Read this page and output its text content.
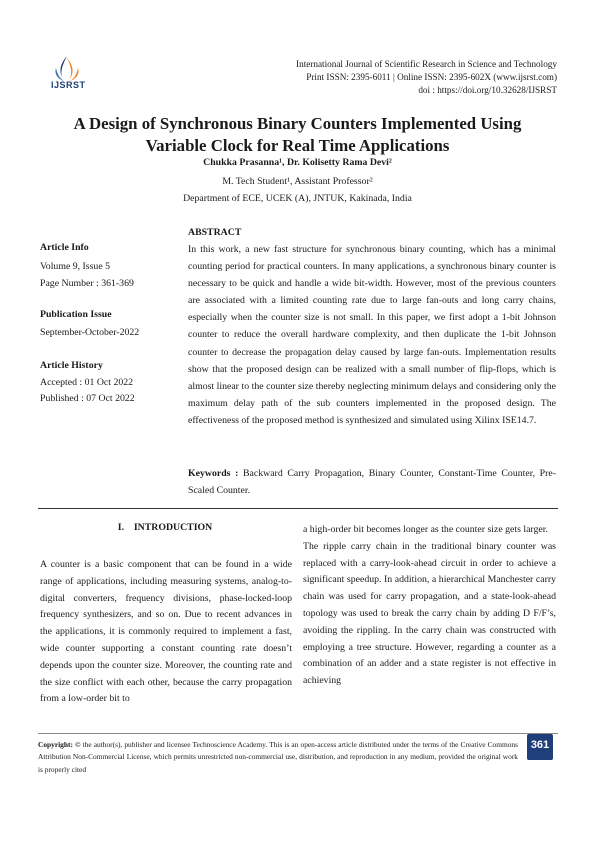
IJSRST
International Journal of Scientific Research in Science and Technology
Print ISSN: 2395-6011 | Online ISSN: 2395-602X (www.ijsrst.com)
doi : https://doi.org/10.32628/IJSRST
A Design of Synchronous Binary Counters Implemented Using
Variable Clock for Real Time Applications
Chukka Prasanna¹, Dr. Kolisetty Rama Devi²
M. Tech Student¹, Assistant Professor²
Department of ECE, UCEK (A), JNTUK, Kakinada, India
Article Info
Volume 9, Issue 5
Page Number : 361-369
Publication Issue
September-October-2022
Article History
Accepted : 01 Oct 2022
Published : 07 Oct 2022
ABSTRACT
In this work, a new fast structure for synchronous binary counting, which has a minimal counting period for practical counters. In many applications, a synchronous binary counter is necessary to be quick and handle a wide bit-width. However, most of the previous counters are associated with a limited counting rate due to large fan-outs and long carry chains, especially when the counter size is not small. In this paper, we first adopt a 1-bit Johnson counter to reduce the overall hardware complexity, and then duplicate the 1-bit Johnson counter to decrease the propagation delay caused by large fan-outs. Implementation results show that the proposed design can be realized with a small number of flip-flops, which is almost linear to the counter size thereby neglecting minimum delays and considering only the maximum delay path of the sub counters implemented in the proposed design. The effectiveness of the proposed method is synthesized and simulated using Xilinx ISE14.7.
Keywords : Backward Carry Propagation, Binary Counter, Constant-Time Counter, Pre-Scaled Counter.
I. INTRODUCTION

A counter is a basic component that can be found in a wide range of applications, including measuring systems, analog-to-digital converters, frequency divisions, phase-locked-loop frequency synthesizers, and so on. Due to recent advances in the applications, it is commonly required to implement a fast, wide counter supporting a constant counting rate doesn’t depends upon the counter size. Moreover, the counting rate and the size conflict with each other, because the carry propagation from a low-order bit to

a high-order bit becomes longer as the counter size gets larger.

The ripple carry chain in the traditional binary counter was replaced with a carry-look-ahead circuit in order to achieve a significant speedup. In addition, a hierarchical Manchester carry chain was used for carry propagation, and a state-look-ahead topology was used to break the carry chain by adding D F/F’s, avoiding the rippling. In the carry chain was constructed with employing a tree structure. However, regarding a counter as a combination of an adder and a state register is not effective in achieving

Copyright: © the author(s), publisher and licensee Technoscience Academy. This is an open-access article distributed under the terms of the Creative Commons Attribution Non-Commercial License, which permits unrestricted non-commercial use, distribution, and reproduction in any medium, provided the original work is properly cited
361
